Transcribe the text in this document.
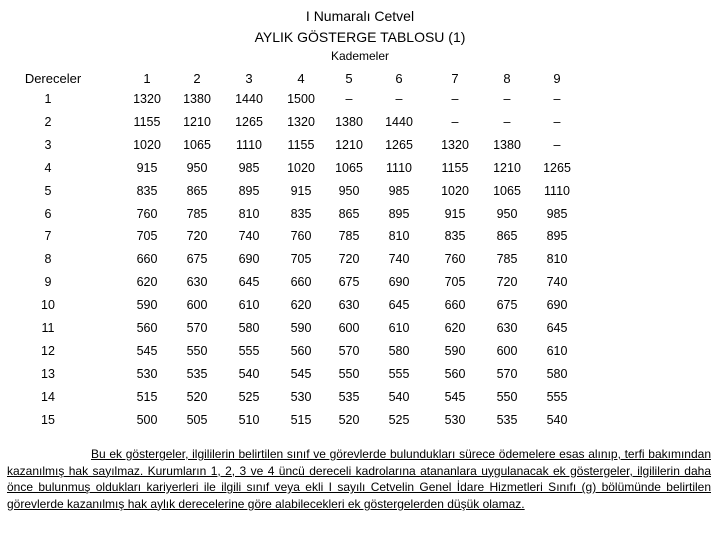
I Numaralı Cetvel
AYLIK GÖSTERGE TABLOSU (1)
Kademeler
Dereceler	1	2	3	4	5	6	7	8	9
1	1320	1380	1440	1500	–	–	–	–	–
2	1155	1210	1265	1320	1380	1440	–	–	–
3	1020	1065	1110	1155	1210	1265	1320	1380	–
4	915	950	985	1020	1065	1110	1155	1210	1265
5	835	865	895	915	950	985	1020	1065	1110
6	760	785	810	835	865	895	915	950	985
7	705	720	740	760	785	810	835	865	895
8	660	675	690	705	720	740	760	785	810
9	620	630	645	660	675	690	705	720	740
10	590	600	610	620	630	645	660	675	690
11	560	570	580	590	600	610	620	630	645
12	545	550	555	560	570	580	590	600	610
13	530	535	540	545	550	555	560	570	580
14	515	520	525	530	535	540	545	550	555
15	500	505	510	515	520	525	530	535	540
Bu ek göstergeler, ilgililerin belirtilen sınıf ve görevlerde bulundukları sürece ödemelere esas alınıp, terfi bakımından kazanılmış hak sayılmaz. Kurumların 1, 2, 3 ve 4 üncü dereceli kadrolarına atananlara uygulanacak ek göstergeler, ilgililerin daha önce bulunmuş oldukları kariyerleri ile ilgili sınıf veya ekli I sayılı Cetvelin Genel İdare Hizmetleri Sınıfı (g) bölümünde belirtilen görevlerde kazanılmış hak aylık derecelerine göre alabilecekleri ek göstergelerden düşük olamaz.
